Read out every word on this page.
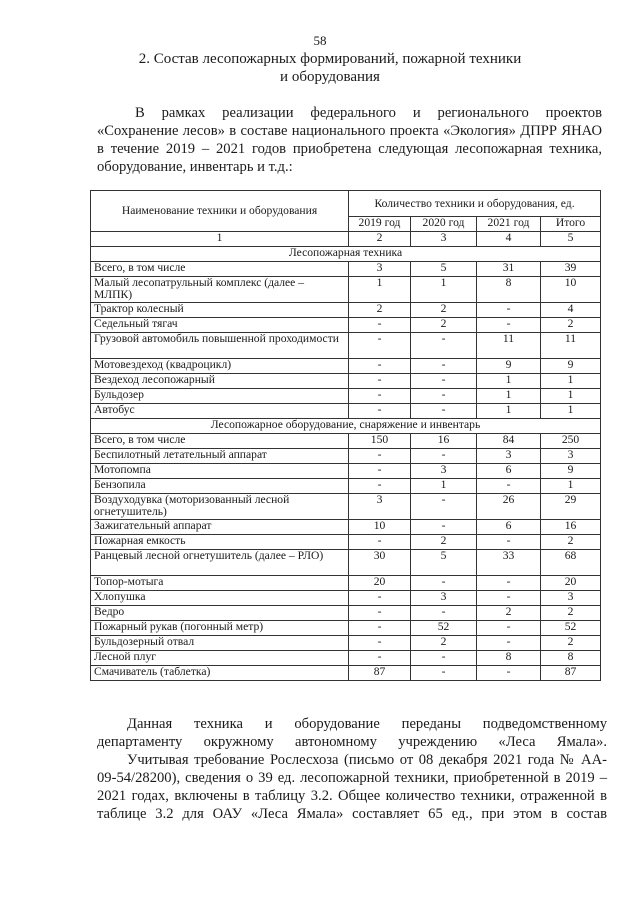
58
2. Состав лесопожарных формирований, пожарной техники
и оборудования
В рамках реализации федерального и регионального проектов
«Сохранение лесов» в составе национального проекта «Экология» ДПРР ЯНАО
в течение 2019 – 2021 годов приобретена следующая лесопожарная техника,
оборудование, инвентарь и т.д.:
Наименование техники и оборудования	Количество техники и оборудования, ед.			
	2019 год	2020 год	2021 год	Итого
1	2	3	4	5
Лесопожарная техника				
Всего, в том числе	3	5	31	39
Малый лесопатрульный комплекс (далее – МЛПК)	1	1	8	10
Трактор колесный	2	2	-	4
Седельный тягач	-	2	-	2
Грузовой автомобиль повышенной проходимости	-	-	11	11
Мотовездеход (квадроцикл)	-	-	9	9
Вездеход лесопожарный	-	-	1	1
Бульдозер	-	-	1	1
Автобус	-	-	1	1
Лесопожарное оборудование, снаряжение и инвентарь				
Всего, в том числе	150	16	84	250
Беспилотный летательный аппарат	-	-	3	3
Мотопомпа	-	3	6	9
Бензопила	-	1	-	1
Воздуходувка (моторизованный лесной огнетушитель)	3	-	26	29
Зажигательный аппарат	10	-	6	16
Пожарная емкость	-	2	-	2
Ранцевый лесной огнетушитель (далее – РЛО)	30	5	33	68
Топор-мотыга	20	-	-	20
Хлопушка	-	3	-	3
Ведро	-	-	2	2
Пожарный рукав (погонный метр)	-	52	-	52
Бульдозерный отвал	-	2	-	2
Лесной плуг	-	-	8	8
Смачиватель (таблетка)	87	-	-	87
Данная техника и оборудование переданы подведомственному
департаменту окружному автономному учреждению «Леса Ямала».
Учитывая требование Рослесхоза (письмо от 08 декабря 2021 года № АА-
09-54/28200), сведения о 39 ед. лесопожарной техники, приобретенной в 2019 –
2021 годах, включены в таблицу 3.2. Общее количество техники, отраженной в
таблице 3.2 для ОАУ «Леса Ямала» составляет 65 ед., при этом в состав
